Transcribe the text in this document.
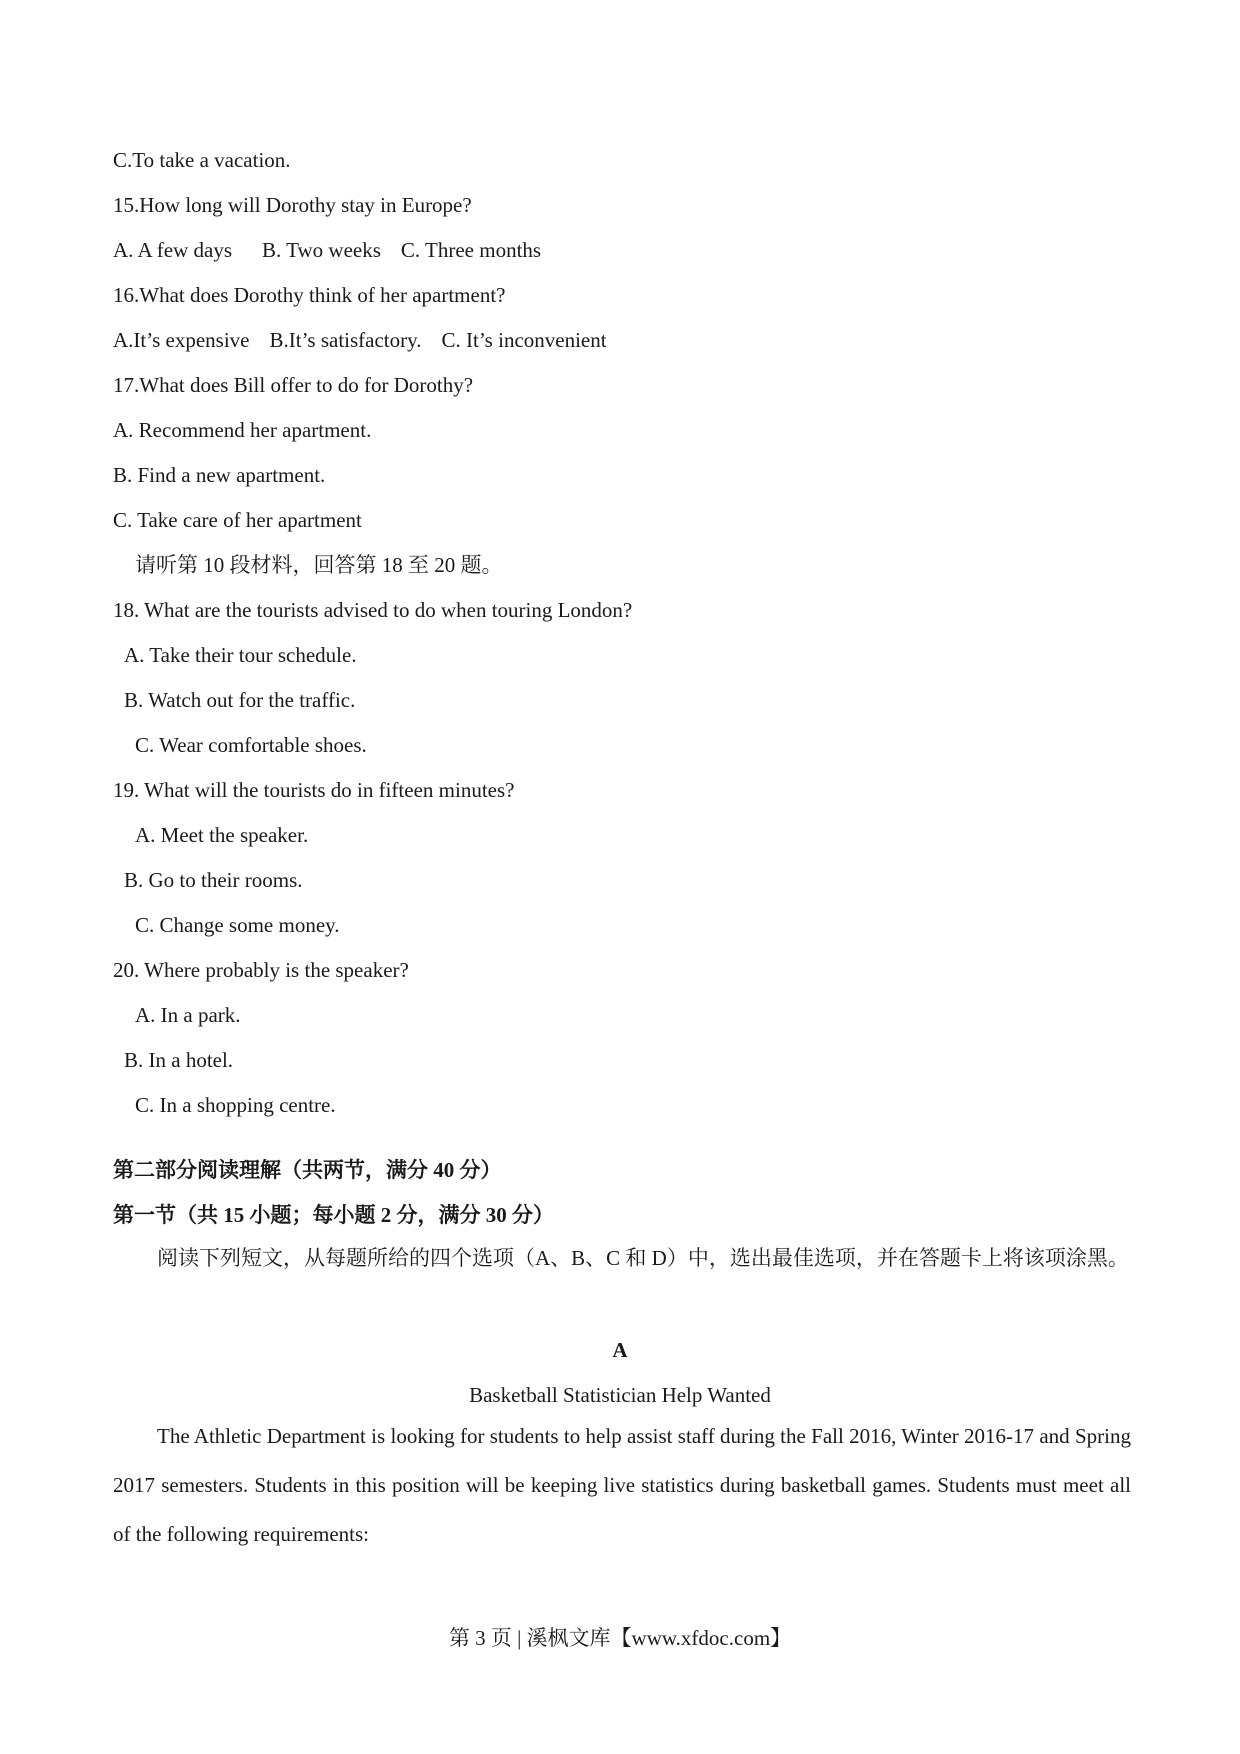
C.To take a vacation.
15.How long will Dorothy stay in Europe?
A. A few days B. Two weeks C. Three months
16.What does Dorothy think of her apartment?
A.It’s expensive B.It’s satisfactory. C. It’s inconvenient
17.What does Bill offer to do for Dorothy?
A. Recommend her apartment.
B. Find a new apartment.
C. Take care of her apartment
请听第 10 段材料，回答第 18 至 20 题。
18. What are the tourists advised to do when touring London?
A. Take their tour schedule.
B. Watch out for the traffic.
C. Wear comfortable shoes.
19. What will the tourists do in fifteen minutes?
A. Meet the speaker.
B. Go to their rooms.
C. Change some money.
20. Where probably is the speaker?
A. In a park.
B. In a hotel.
C. In a shopping centre.
第二部分阅读理解（共两节，满分 40 分）
第一节（共 15 小题；每小题 2 分，满分 30 分）
阅读下列短文，从每题所给的四个选项（A、B、C 和 D）中，选出最佳选项，并在答题卡上将该项涂黑。
A
Basketball Statistician Help Wanted
The Athletic Department is looking for students to help assist staff during the Fall 2016, Winter 2016-17 and Spring 2017 semesters. Students in this position will be keeping live statistics during basketball games. Students must meet all of the following requirements:
第 3 页 | 溪枫文库【www.xfdoc.com】
